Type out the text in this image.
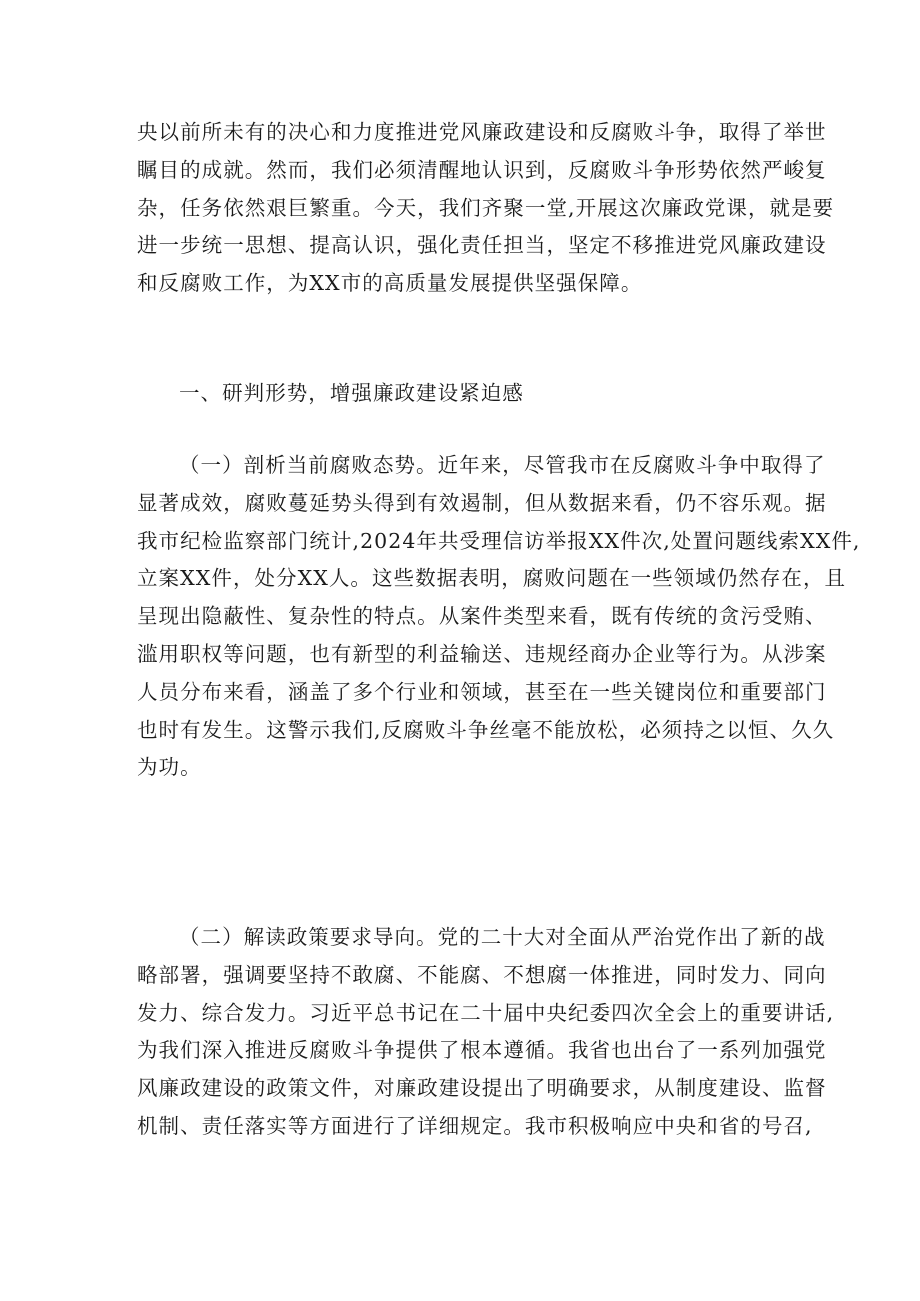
央以前所未有的决心和力度推进党风廉政建设和反腐败斗争，取得了举世
瞩目的成就。然而，我们必须清醒地认识到，反腐败斗争形势依然严峻复
杂，任务依然艰巨繁重。今天，我们齐聚一堂,开展这次廉政党课，就是要
进一步统一思想、提高认识，强化责任担当，坚定不移推进党风廉政建设
和反腐败工作，为XX市的高质量发展提供坚强保障。
一、研判形势，增强廉政建设紧迫感
（一）剖析当前腐败态势。近年来，尽管我市在反腐败斗争中取得了
显著成效，腐败蔓延势头得到有效遏制，但从数据来看，仍不容乐观。据
我市纪检监察部门统计,2024年共受理信访举报XX件次,处置问题线索XX件,
立案XX件，处分XX人。这些数据表明，腐败问题在一些领域仍然存在，且
呈现出隐蔽性、复杂性的特点。从案件类型来看，既有传统的贪污受贿、
滥用职权等问题，也有新型的利益输送、违规经商办企业等行为。从涉案
人员分布来看，涵盖了多个行业和领域，甚至在一些关键岗位和重要部门
也时有发生。这警示我们,反腐败斗争丝毫不能放松，必须持之以恒、久久
为功。
（二）解读政策要求导向。党的二十大对全面从严治党作出了新的战
略部署，强调要坚持不敢腐、不能腐、不想腐一体推进，同时发力、同向
发力、综合发力。习近平总书记在二十届中央纪委四次全会上的重要讲话,
为我们深入推进反腐败斗争提供了根本遵循。我省也出台了一系列加强党
风廉政建设的政策文件，对廉政建设提出了明确要求，从制度建设、监督
机制、责任落实等方面进行了详细规定。我市积极响应中央和省的号召,
